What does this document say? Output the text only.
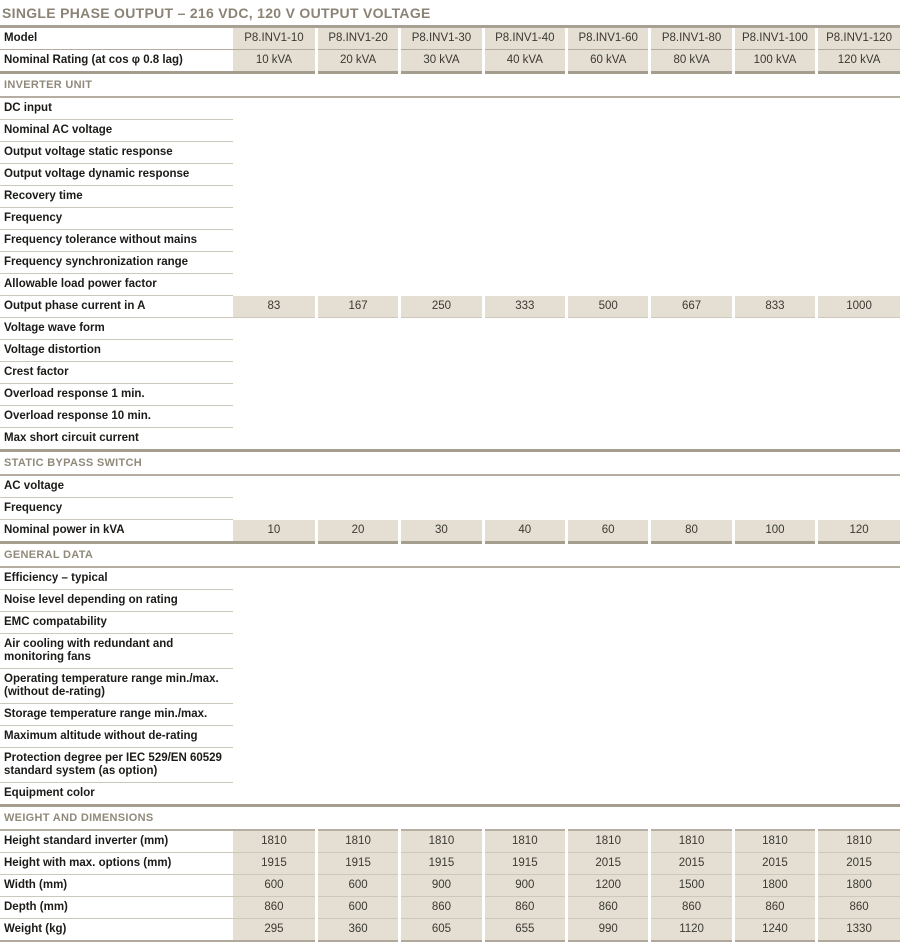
SINGLE PHASE OUTPUT – 216 VDC, 120 V OUTPUT VOLTAGE
Model	P8.INV1-10	P8.INV1-20	P8.INV1-30	P8.INV1-40	P8.INV1-60	P8.INV1-80	P8.INV1-100	P8.INV1-120
Nominal Rating (at cos φ 0.8 lag)	10 kVA	20 kVA	30 kVA	40 kVA	60 kVA	80 kVA	100 kVA	120 kVA
INVERTER UNIT								
DC input								
Nominal AC voltage								
Output voltage static response								
Output voltage dynamic response								
Recovery time								
Frequency								
Frequency tolerance without mains								
Frequency synchronization range								
Allowable load power factor								
Output phase current in A	83	167	250	333	500	667	833	1000
Voltage wave form								
Voltage distortion								
Crest factor								
Overload response 1 min.								
Overload response 10 min.								
Max short circuit current								
STATIC BYPASS SWITCH								
AC voltage								
Frequency								
Nominal power in kVA	10	20	30	40	60	80	100	120
GENERAL DATA								
Efficiency – typical								
Noise level depending on rating								
EMC compatability								
Air cooling with redundant and monitoring fans								
Operating temperature range min./max. (without de-rating)								
Storage temperature range min./max.								
Maximum altitude without de-rating								
Protection degree per IEC 529/EN 60529 standard system (as option)								
Equipment color								
WEIGHT AND DIMENSIONS								
Height standard inverter (mm)	1810	1810	1810	1810	1810	1810	1810	1810
Height with max. options (mm)	1915	1915	1915	1915	2015	2015	2015	2015
Width (mm)	600	600	900	900	1200	1500	1800	1800
Depth (mm)	860	600	860	860	860	860	860	860
Weight (kg)	295	360	605	655	990	1120	1240	1330
